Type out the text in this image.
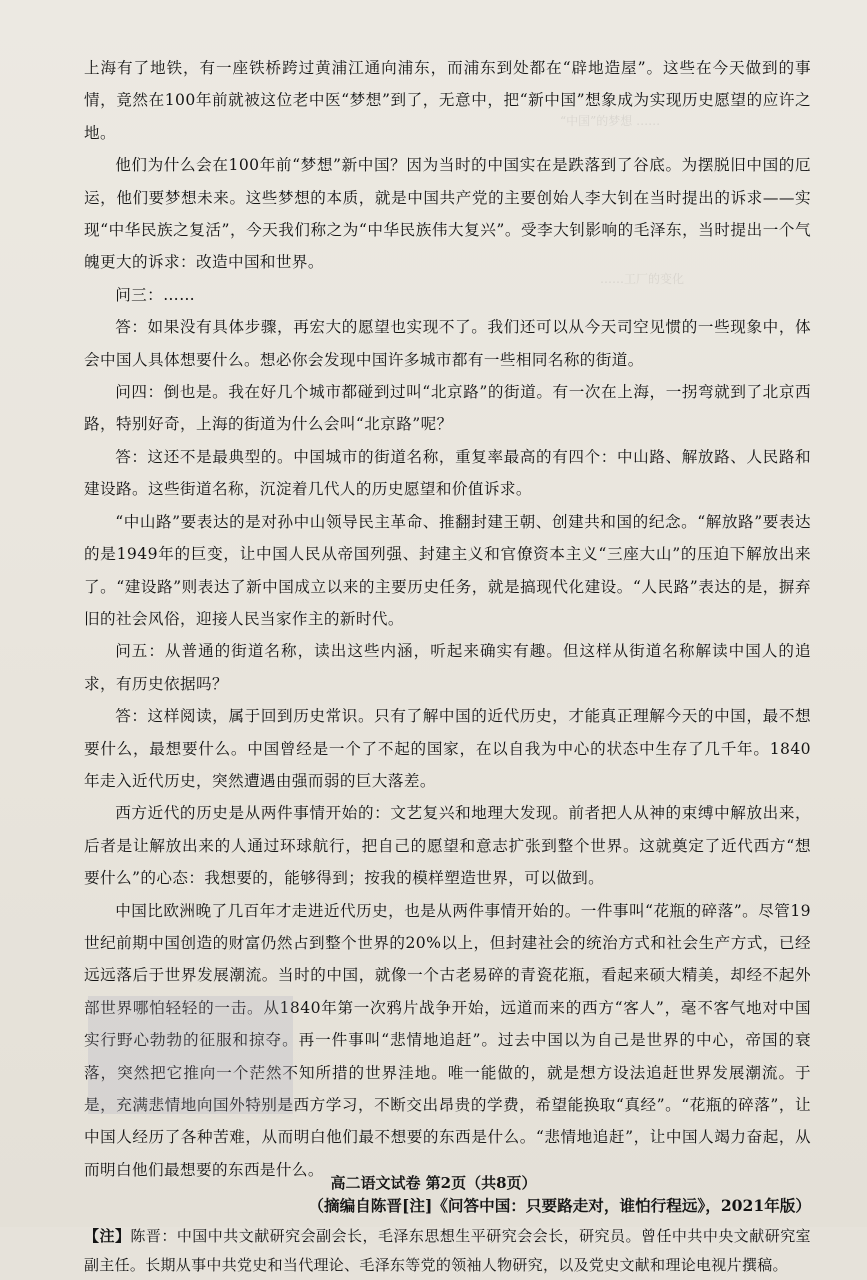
“中国”的梦想 ……
……工厂的变化

上海有了地铁，有一座铁桥跨过黄浦江通向浦东，而浦东到处都在“辟地造屋”。这些在今天做到的事情，竟然在100年前就被这位老中医“梦想”到了，无意中，把“新中国”想象成为实现历史愿望的应许之地。

他们为什么会在100年前“梦想”新中国？因为当时的中国实在是跌落到了谷底。为摆脱旧中国的厄运，他们要梦想未来。这些梦想的本质，就是中国共产党的主要创始人李大钊在当时提出的诉求——实现“中华民族之复活”，今天我们称之为“中华民族伟大复兴”。受李大钊影响的毛泽东，当时提出一个气魄更大的诉求：改造中国和世界。

问三：……

答：如果没有具体步骤，再宏大的愿望也实现不了。我们还可以从今天司空见惯的一些现象中，体会中国人具体想要什么。想必你会发现中国许多城市都有一些相同名称的街道。

问四：倒也是。我在好几个城市都碰到过叫“北京路”的街道。有一次在上海，一拐弯就到了北京西路，特别好奇，上海的街道为什么会叫“北京路”呢？

答：这还不是最典型的。中国城市的街道名称，重复率最高的有四个：中山路、解放路、人民路和建设路。这些街道名称，沉淀着几代人的历史愿望和价值诉求。

“中山路”要表达的是对孙中山领导民主革命、推翻封建王朝、创建共和国的纪念。“解放路”要表达的是1949年的巨变，让中国人民从帝国列强、封建主义和官僚资本主义“三座大山”的压迫下解放出来了。“建设路”则表达了新中国成立以来的主要历史任务，就是搞现代化建设。“人民路”表达的是，摒弃旧的社会风俗，迎接人民当家作主的新时代。

问五：从普通的街道名称，读出这些内涵，听起来确实有趣。但这样从街道名称解读中国人的追求，有历史依据吗？

答：这样阅读，属于回到历史常识。只有了解中国的近代历史，才能真正理解今天的中国，最不想要什么，最想要什么。中国曾经是一个了不起的国家，在以自我为中心的状态中生存了几千年。1840年走入近代历史，突然遭遇由强而弱的巨大落差。

西方近代的历史是从两件事情开始的：文艺复兴和地理大发现。前者把人从神的束缚中解放出来，后者是让解放出来的人通过环球航行，把自己的愿望和意志扩张到整个世界。这就奠定了近代西方“想要什么”的心态：我想要的，能够得到；按我的模样塑造世界，可以做到。

中国比欧洲晚了几百年才走进近代历史，也是从两件事情开始的。一件事叫“花瓶的碎落”。尽管19世纪前期中国创造的财富仍然占到整个世界的20%以上，但封建社会的统治方式和社会生产方式，已经远远落后于世界发展潮流。当时的中国，就像一个古老易碎的青瓷花瓶，看起来硕大精美，却经不起外部世界哪怕轻轻的一击。从1840年第一次鸦片战争开始，远道而来的西方“客人”，毫不客气地对中国实行野心勃勃的征服和掠夺。再一件事叫“悲情地追赶”。过去中国以为自己是世界的中心，帝国的衰落，突然把它推向一个茫然不知所措的世界洼地。唯一能做的，就是想方设法追赶世界发展潮流。于是，充满悲情地向国外特别是西方学习，不断交出昂贵的学费，希望能换取“真经”。“花瓶的碎落”，让中国人经历了各种苦难，从而明白他们最不想要的东西是什么。“悲情地追赶”，让中国人竭力奋起，从而明白他们最想要的东西是什么。

（摘编自陈晋[注]《问答中国：只要路走对，谁怕行程远》，2021年版）
【注】陈晋：中国中共文献研究会副会长，毛泽东思想生平研究会会长，研究员。曾任中共中央文献研究室副主任。长期从事中共党史和当代理论、毛泽东等党的领袖人物研究，以及党史文献和理论电视片撰稿。
高二语文试卷 第2页（共8页）
